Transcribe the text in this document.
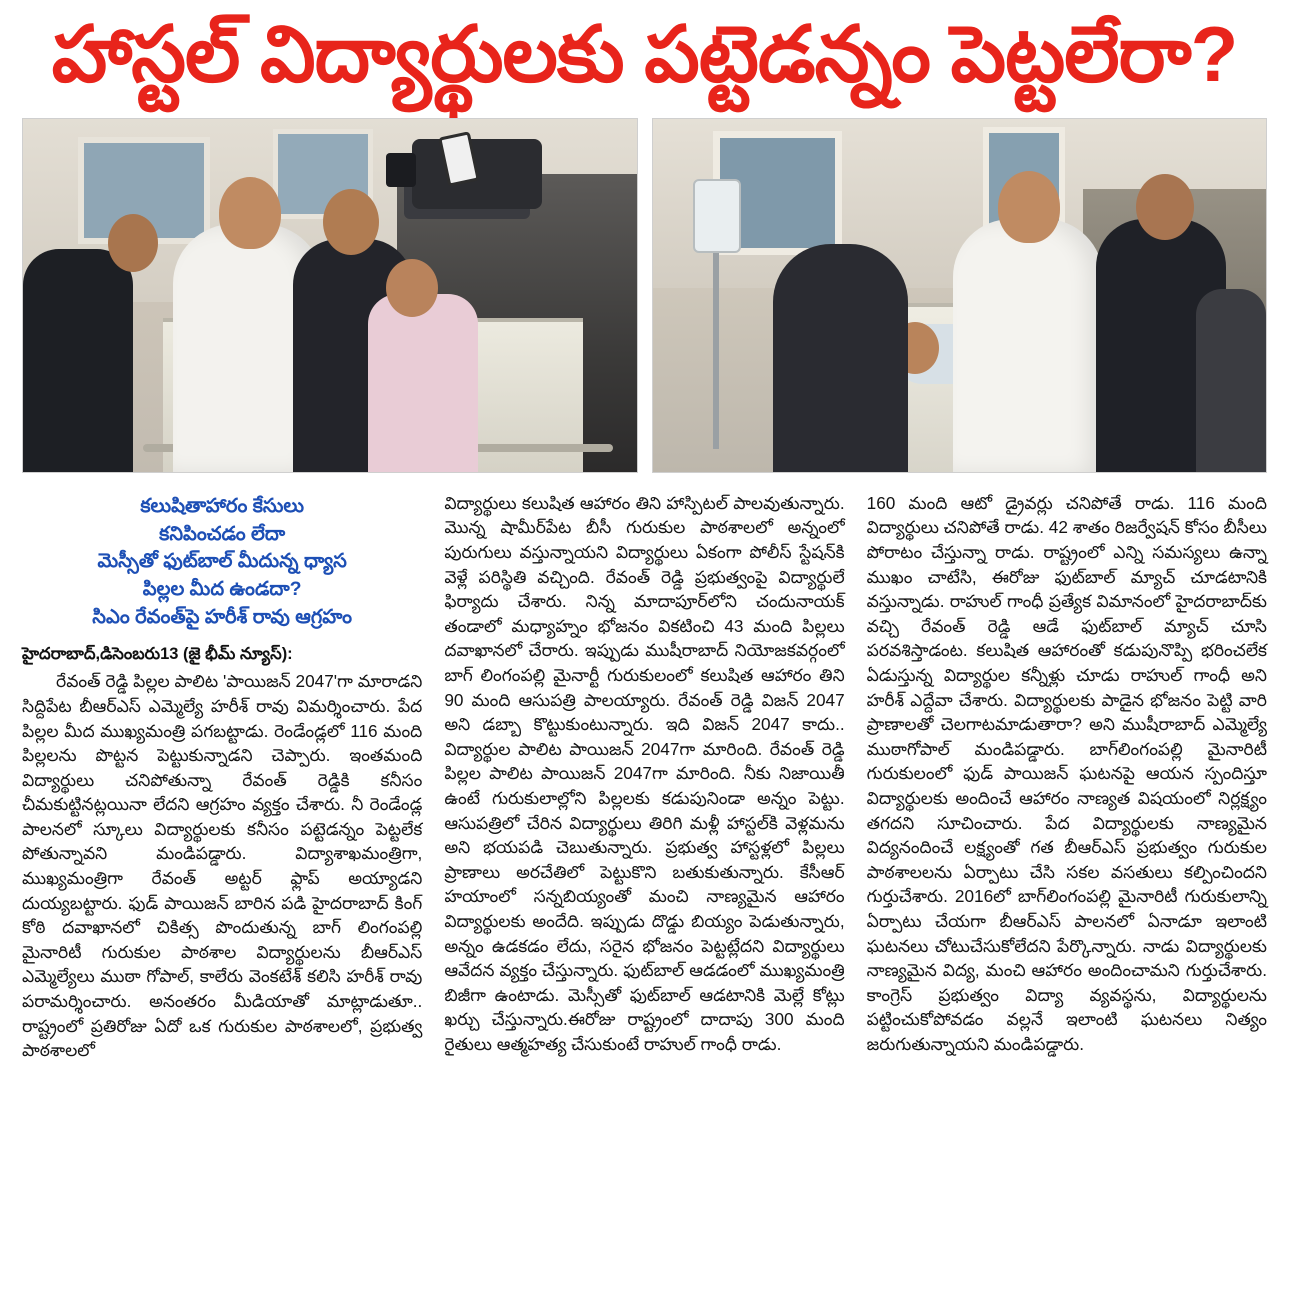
హాస్టల్ విద్యార్థులకు పట్టెడన్నం పెట్టలేరా?
కలుషితాహారం కేసులు
కనిపించడం లేదా
మెస్సీతో ఫుట్‌బాల్ మీదున్న ధ్యాస
పిల్లల మీద ఉండదా?
సిఎం రేవంత్‌పై హరీశ్ రావు ఆగ్రహం
హైదరాబాద్,డిసెంబరు13 (జై భీమ్ న్యూస్):

రేవంత్ రెడ్డి పిల్లల పాలిట 'పాయిజన్ 2047'గా మారాడని సిద్దిపేట బీఆర్ఎస్ ఎమ్మెల్యే హరీశ్ రావు విమర్శించారు. పేద పిల్లల మీద ముఖ్యమంత్రి పగబట్టాడు. రెండేండ్లలో 116 మంది పిల్లలను పొట్టన పెట్టుకున్నాడని చెప్పారు. ఇంతమంది విద్యార్థులు చనిపోతున్నా రేవంత్ రెడ్డికి కనీసం చీమకుట్టినట్లయినా లేదని ఆగ్రహం వ్యక్తం చేశారు. నీ రెండేండ్ల పాలనలో స్కూలు విద్యార్థులకు కనీసం పట్టెడన్నం పెట్టలేక పోతున్నావని మండిపడ్డారు. విద్యాశాఖమంత్రిగా, ముఖ్యమంత్రిగా రేవంత్ అట్టర్ ఫ్లాప్ అయ్యాడని దుయ్యబట్టారు. ఫుడ్ పాయిజన్ బారిన పడి హైదరాబాద్ కింగ్ కోఠి దవాఖానలో చికిత్స పొందుతున్న బాగ్ లింగంపల్లి మైనారిటీ గురుకుల పాఠశాల విద్యార్థులను బీఆర్ఎస్ ఎమ్మెల్యేలు ముఠా గోపాల్, కాలేరు వెంకటేశ్ కలిసి హరీశ్ రావు పరామర్శించారు. అనంతరం మీడియాతో మాట్లాడుతూ.. రాష్ట్రంలో ప్రతిరోజు ఏదో ఒక గురుకుల పాఠశాలలో, ప్రభుత్వ పాఠశాలలో

విద్యార్థులు కలుషిత ఆహారం తిని హాస్పిటల్ పాలవుతున్నారు. మొన్న షామీర్‌పేట బీసీ గురుకుల పాఠశాలలో అన్నంలో పురుగులు వస్తున్నాయని విద్యార్థులు ఏకంగా పోలీస్ స్టేషన్‌కి వెళ్లే పరిస్థితి వచ్చింది. రేవంత్ రెడ్డి ప్రభుత్వంపై విద్యార్థులే ఫిర్యాదు చేశారు. నిన్న మాదాపూర్‌లోని చందునాయక్ తండాలో మధ్యాహ్నం భోజనం వికటించి 43 మంది పిల్లలు దవాఖానలో చేరారు. ఇప్పుడు ముషీరాబాద్ నియోజకవర్గంలో బాగ్ లింగంపల్లి మైనార్టీ గురుకులంలో కలుషిత ఆహారం తిని 90 మంది ఆసుపత్రి పాలయ్యారు. రేవంత్ రెడ్డి విజన్ 2047 అని డబ్బా కొట్టుకుంటున్నారు. ఇది విజన్ 2047 కాదు.. విద్యార్థుల పాలిట పాయిజన్ 2047గా మారింది. రేవంత్ రెడ్డి పిల్లల పాలిట పాయిజన్ 2047గా మారింది. నీకు నిజాయితీ ఉంటే గురుకులాల్లోని పిల్లలకు కడుపునిండా అన్నం పెట్టు. ఆసుపత్రిలో చేరిన విద్యార్థులు తిరిగి మళ్లీ హాస్టల్‌కి వెళ్లమను అని భయపడి చెబుతున్నారు. ప్రభుత్వ హాస్టళ్లలో పిల్లలు ప్రాణాలు అరచేతిలో పెట్టుకొని బతుకుతున్నారు. కేసీఆర్ హయాంలో సన్నబియ్యంతో మంచి నాణ్యమైన ఆహారం విద్యార్థులకు అందేది. ఇప్పుడు దొడ్డు బియ్యం పెడుతున్నారు, అన్నం ఉడకడం లేదు, సరైన భోజనం పెట్టట్లేదని విద్యార్థులు ఆవేదన వ్యక్తం చేస్తున్నారు. ఫుట్‌బాల్ ఆడడంలో ముఖ్యమంత్రి బిజీగా ఉంటాడు. మెస్సీతో ఫుట్‌బాల్ ఆడటానికి మెల్లే కోట్లు ఖర్చు చేస్తున్నారు.ఈరోజు రాష్ట్రంలో దాదాపు 300 మంది రైతులు ఆత్మహత్య చేసుకుంటే రాహుల్ గాంధీ రాడు.

160 మంది ఆటో డ్రైవర్లు చనిపోతే రాడు. 116 మంది విద్యార్థులు చనిపోతే రాడు. 42 శాతం రిజర్వేషన్ కోసం బీసీలు పోరాటం చేస్తున్నా రాడు. రాష్ట్రంలో ఎన్ని సమస్యలు ఉన్నా ముఖం చాటేసి, ఈరోజు ఫుట్‌బాల్ మ్యాచ్ చూడటానికి వస్తున్నాడు. రాహుల్ గాంధీ ప్రత్యేక విమానంలో హైదరాబాద్‌కు వచ్చి రేవంత్ రెడ్డి ఆడే ఫుట్‌బాల్ మ్యాచ్ చూసి పరవశిస్తాడంట. కలుషిత ఆహారంతో కడుపునొప్పి భరించలేక ఏడుస్తున్న విద్యార్థుల కన్నీళ్లు చూడు రాహుల్ గాంధీ అని హరీశ్ ఎద్దేవా చేశారు. విద్యార్థులకు పాడైన భోజనం పెట్టి వారి ప్రాణాలతో చెలగాటమాడుతారా? అని ముషీరాబాద్ ఎమ్మెల్యే ముఠాగోపాల్ మండిపడ్డారు. బాగ్‌లింగంపల్లి మైనారిటీ గురుకులంలో ఫుడ్ పాయిజన్ ఘటనపై ఆయన స్పందిస్తూ విద్యార్థులకు అందించే ఆహారం నాణ్యత విషయంలో నిర్లక్ష్యం తగదని సూచించారు. పేద విద్యార్థులకు నాణ్యమైన విద్యనందించే లక్ష్యంతో గత బీఆర్ఎస్ ప్రభుత్వం గురుకుల పాఠశాలలను ఏర్పాటు చేసి సకల వసతులు కల్పించిందని గుర్తుచేశారు. 2016లో బాగ్‌లింగంపల్లి మైనారిటీ గురుకులాన్ని ఏర్పాటు చేయగా బీఆర్ఎస్ పాలనలో ఏనాడూ ఇలాంటి ఘటనలు చోటుచేసుకోలేదని పేర్కొన్నారు. నాడు విద్యార్థులకు నాణ్యమైన విద్య, మంచి ఆహారం అందించామని గుర్తుచేశారు. కాంగ్రెస్ ప్రభుత్వం విద్యా వ్యవస్థను, విద్యార్థులను పట్టించుకోపోవడం వల్లనే ఇలాంటి ఘటనలు నిత్యం జరుగుతున్నాయని మండిపడ్డారు.
